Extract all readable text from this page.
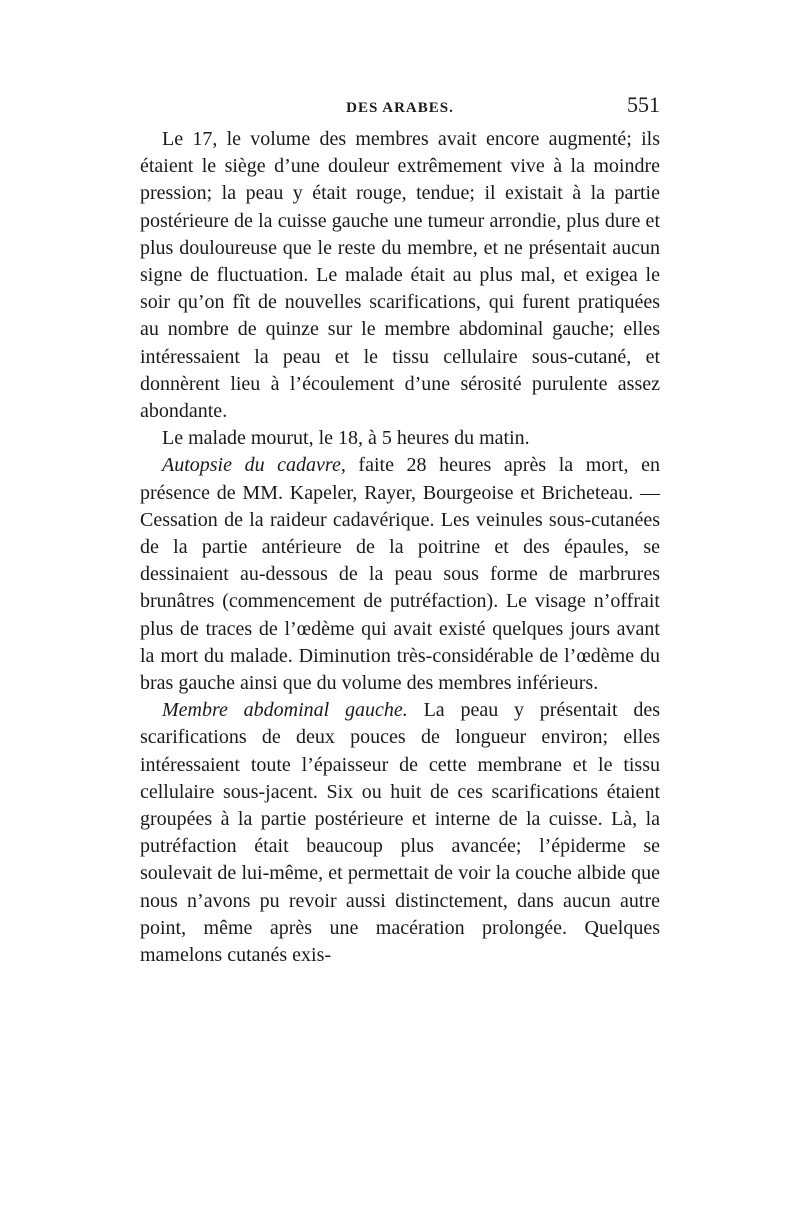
DES ARABES.	551

Le 17, le volume des membres avait encore augmenté; ils étaient le siège d’une douleur extrêmement vive à la moindre pression; la peau y était rouge, tendue; il existait à la partie postérieure de la cuisse gauche une tumeur arrondie, plus dure et plus douloureuse que le reste du membre, et ne présentait aucun signe de fluctuation. Le malade était au plus mal, et exigea le soir qu’on fît de nouvelles scarifications, qui furent pratiquées au nombre de quinze sur le membre abdominal gauche; elles intéressaient la peau et le tissu cellulaire sous-cutané, et donnèrent lieu à l’écoulement d’une sérosité purulente assez abondante.

Le malade mourut, le 18, à 5 heures du matin.

Autopsie du cadavre, faite 28 heures après la mort, en présence de MM. Kapeler, Rayer, Bourgeoise et Bricheteau. — Cessation de la raideur cadavérique. Les veinules sous-cutanées de la partie antérieure de la poitrine et des épaules, se dessinaient au-dessous de la peau sous forme de marbrures brunâtres (commencement de putréfaction). Le visage n’offrait plus de traces de l’œdème qui avait existé quelques jours avant la mort du malade. Diminution très-considérable de l’œdème du bras gauche ainsi que du volume des membres inférieurs.

Membre abdominal gauche. La peau y présentait des scarifications de deux pouces de longueur environ; elles intéressaient toute l’épaisseur de cette membrane et le tissu cellulaire sous-jacent. Six ou huit de ces scarifications étaient groupées à la partie postérieure et interne de la cuisse. Là, la putréfaction était beaucoup plus avancée; l’épiderme se soulevait de lui-même, et permettait de voir la couche albide que nous n’avons pu revoir aussi distinctement, dans aucun autre point, même après une macération prolongée. Quelques mamelons cutanés exis-
